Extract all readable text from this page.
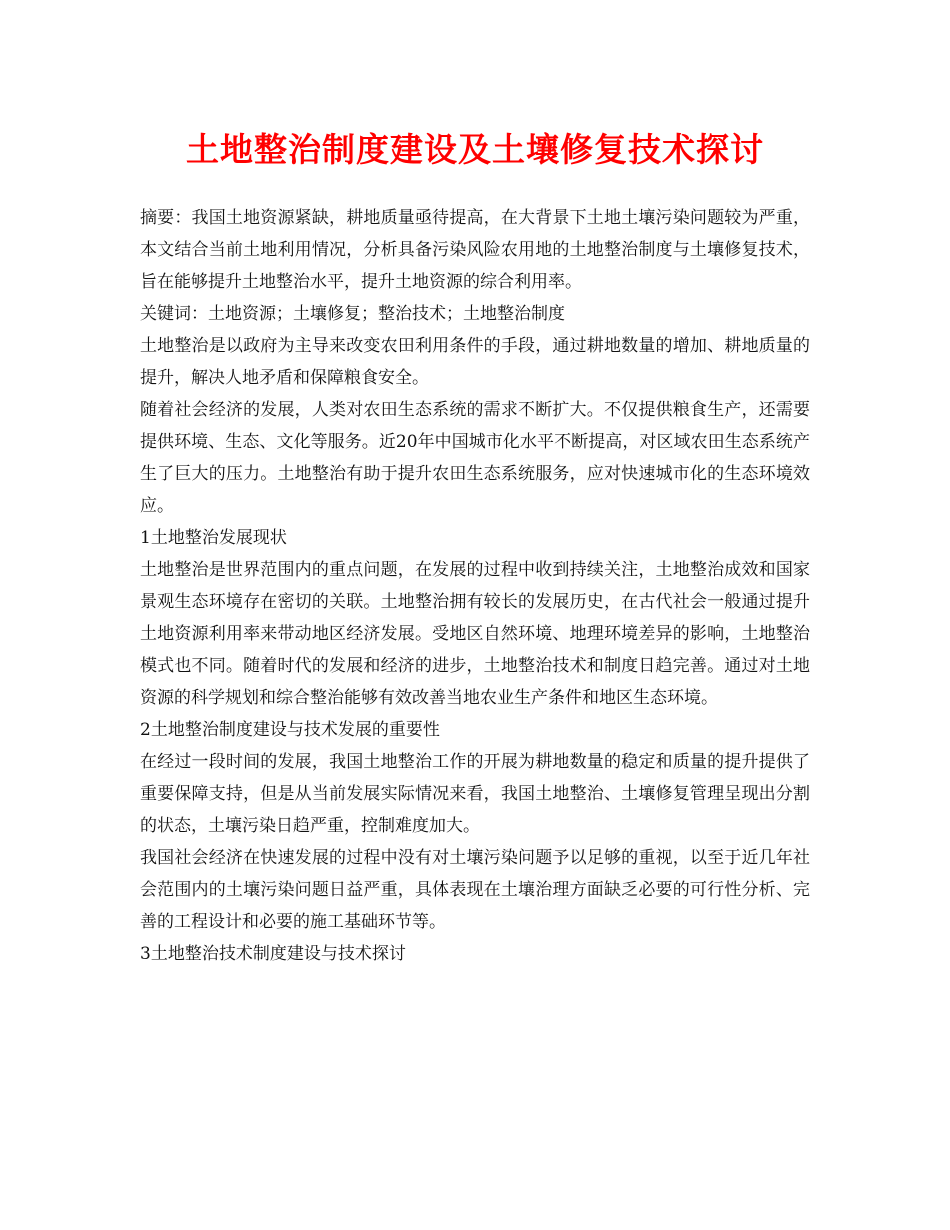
土地整治制度建设及土壤修复技术探讨

摘要：我国土地资源紧缺，耕地质量亟待提高，在大背景下土地土壤污染问题较为严重，本文结合当前土地利用情况，分析具备污染风险农用地的土地整治制度与土壤修复技术，旨在能够提升土地整治水平，提升土地资源的综合利用率。

关键词：土地资源；土壤修复；整治技术；土地整治制度

土地整治是以政府为主导来改变农田利用条件的手段，通过耕地数量的增加、耕地质量的提升，解决人地矛盾和保障粮食安全。

随着社会经济的发展，人类对农田生态系统的需求不断扩大。不仅提供粮食生产，还需要提供环境、生态、文化等服务。近20年中国城市化水平不断提高，对区域农田生态系统产生了巨大的压力。土地整治有助于提升农田生态系统服务，应对快速城市化的生态环境效应。

1土地整治发展现状

土地整治是世界范围内的重点问题，在发展的过程中收到持续关注，土地整治成效和国家景观生态环境存在密切的关联。土地整治拥有较长的发展历史，在古代社会一般通过提升土地资源利用率来带动地区经济发展。受地区自然环境、地理环境差异的影响，土地整治模式也不同。随着时代的发展和经济的进步，土地整治技术和制度日趋完善。通过对土地资源的科学规划和综合整治能够有效改善当地农业生产条件和地区生态环境。

2土地整治制度建设与技术发展的重要性

在经过一段时间的发展，我国土地整治工作的开展为耕地数量的稳定和质量的提升提供了重要保障支持，但是从当前发展实际情况来看，我国土地整治、土壤修复管理呈现出分割的状态，土壤污染日趋严重，控制难度加大。

我国社会经济在快速发展的过程中没有对土壤污染问题予以足够的重视，以至于近几年社会范围内的土壤污染问题日益严重，具体表现在土壤治理方面缺乏必要的可行性分析、完善的工程设计和必要的施工基础环节等。

3土地整治技术制度建设与技术探讨
